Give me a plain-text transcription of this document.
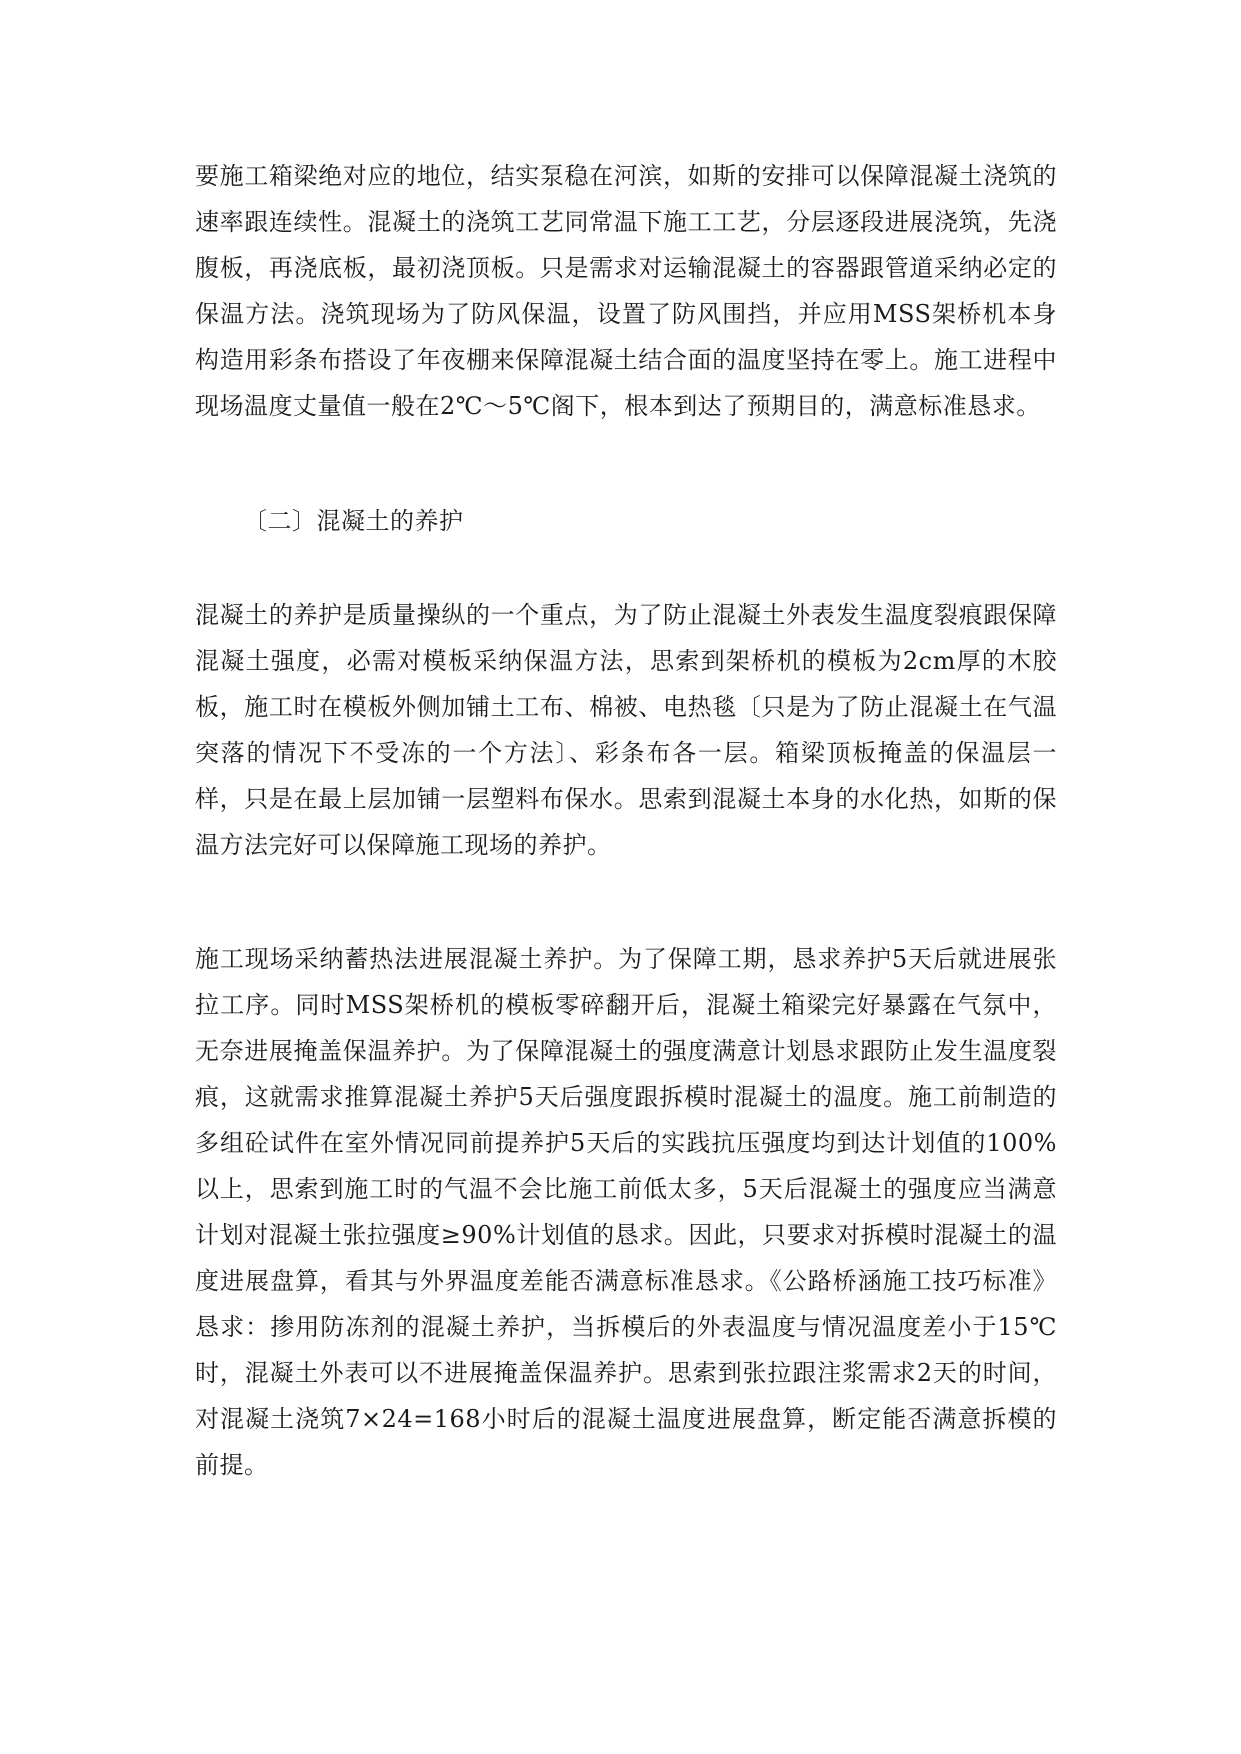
要施工箱梁绝对应的地位，结实泵稳在河滨，如斯的安排可以保障混凝土浇筑的速率跟连续性。混凝土的浇筑工艺同常温下施工工艺，分层逐段进展浇筑，先浇腹板，再浇底板，最初浇顶板。只是需求对运输混凝土的容器跟管道采纳必定的保温方法。浇筑现场为了防风保温，设置了防风围挡，并应用MSS架桥机本身构造用彩条布搭设了年夜棚来保障混凝土结合面的温度坚持在零上。施工进程中现场温度丈量值一般在2℃～5℃阁下，根本到达了预期目的，满意标准恳求。

〔二〕混凝土的养护

混凝土的养护是质量操纵的一个重点，为了防止混凝土外表发生温度裂痕跟保障混凝土强度，必需对模板采纳保温方法，思索到架桥机的模板为2cm厚的木胶板，施工时在模板外侧加铺土工布、棉被、电热毯〔只是为了防止混凝土在气温突落的情况下不受冻的一个方法〕、彩条布各一层。箱梁顶板掩盖的保温层一样，只是在最上层加铺一层塑料布保水。思索到混凝土本身的水化热，如斯的保温方法完好可以保障施工现场的养护。

施工现场采纳蓄热法进展混凝土养护。为了保障工期，恳求养护5天后就进展张拉工序。同时MSS架桥机的模板零碎翻开后，混凝土箱梁完好暴露在气氛中，无奈进展掩盖保温养护。为了保障混凝土的强度满意计划恳求跟防止发生温度裂痕，这就需求推算混凝土养护5天后强度跟拆模时混凝土的温度。施工前制造的多组砼试件在室外情况同前提养护5天后的实践抗压强度均到达计划值的100%以上，思索到施工时的气温不会比施工前低太多，5天后混凝土的强度应当满意计划对混凝土张拉强度≥90%计划值的恳求。因此，只要求对拆模时混凝土的温度进展盘算，看其与外界温度差能否满意标准恳求。《公路桥涵施工技巧标准》恳求：掺用防冻剂的混凝土养护，当拆模后的外表温度与情况温度差小于15℃时，混凝土外表可以不进展掩盖保温养护。思索到张拉跟注浆需求2天的时间，对混凝土浇筑7×24=168小时后的混凝土温度进展盘算，断定能否满意拆模的前提。
